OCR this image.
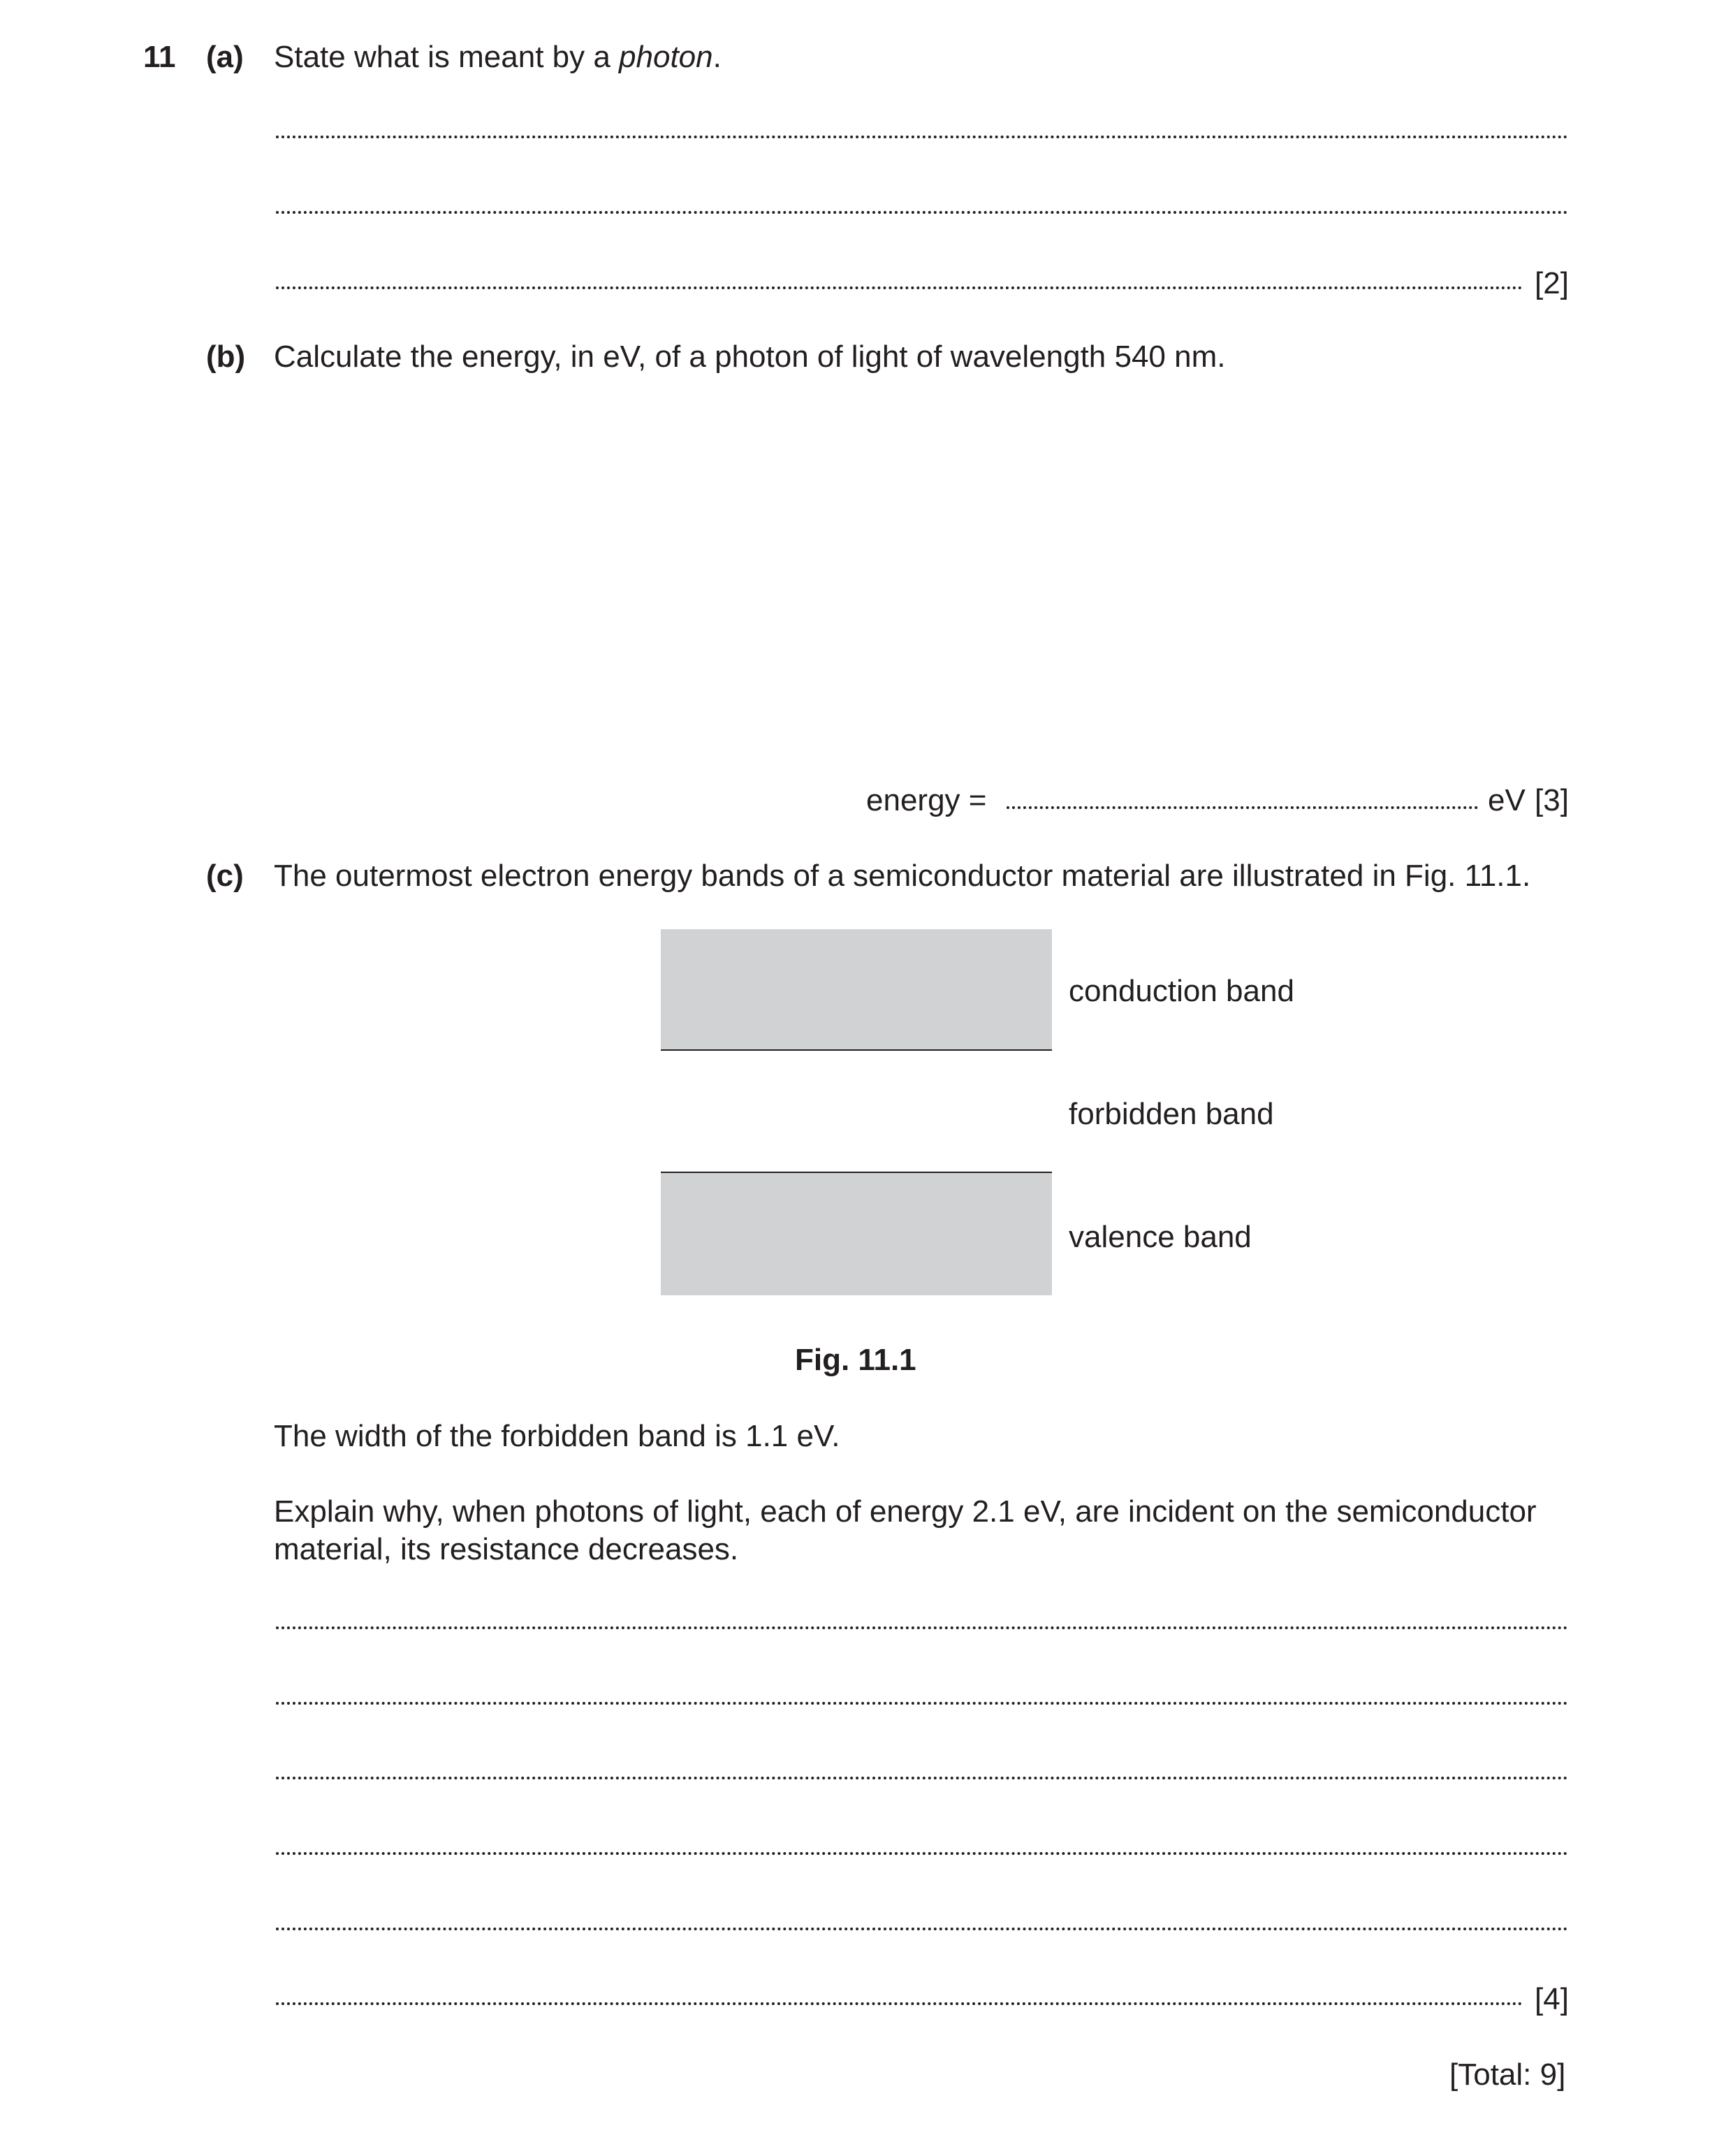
11 (a) State what is meant by a photon.
[2]
(b) Calculate the energy, in eV, of a photon of light of wavelength 540 nm.
energy =	eV [3]
(c) The outermost electron energy bands of a semiconductor material are illustrated in Fig. 11.1.
conduction band
forbidden band
valence band
Fig. 11.1
The width of the forbidden band is 1.1 eV.
Explain why, when photons of light, each of energy 2.1 eV, are incident on the semiconductor
material, its resistance decreases.
[4]
[Total: 9]
